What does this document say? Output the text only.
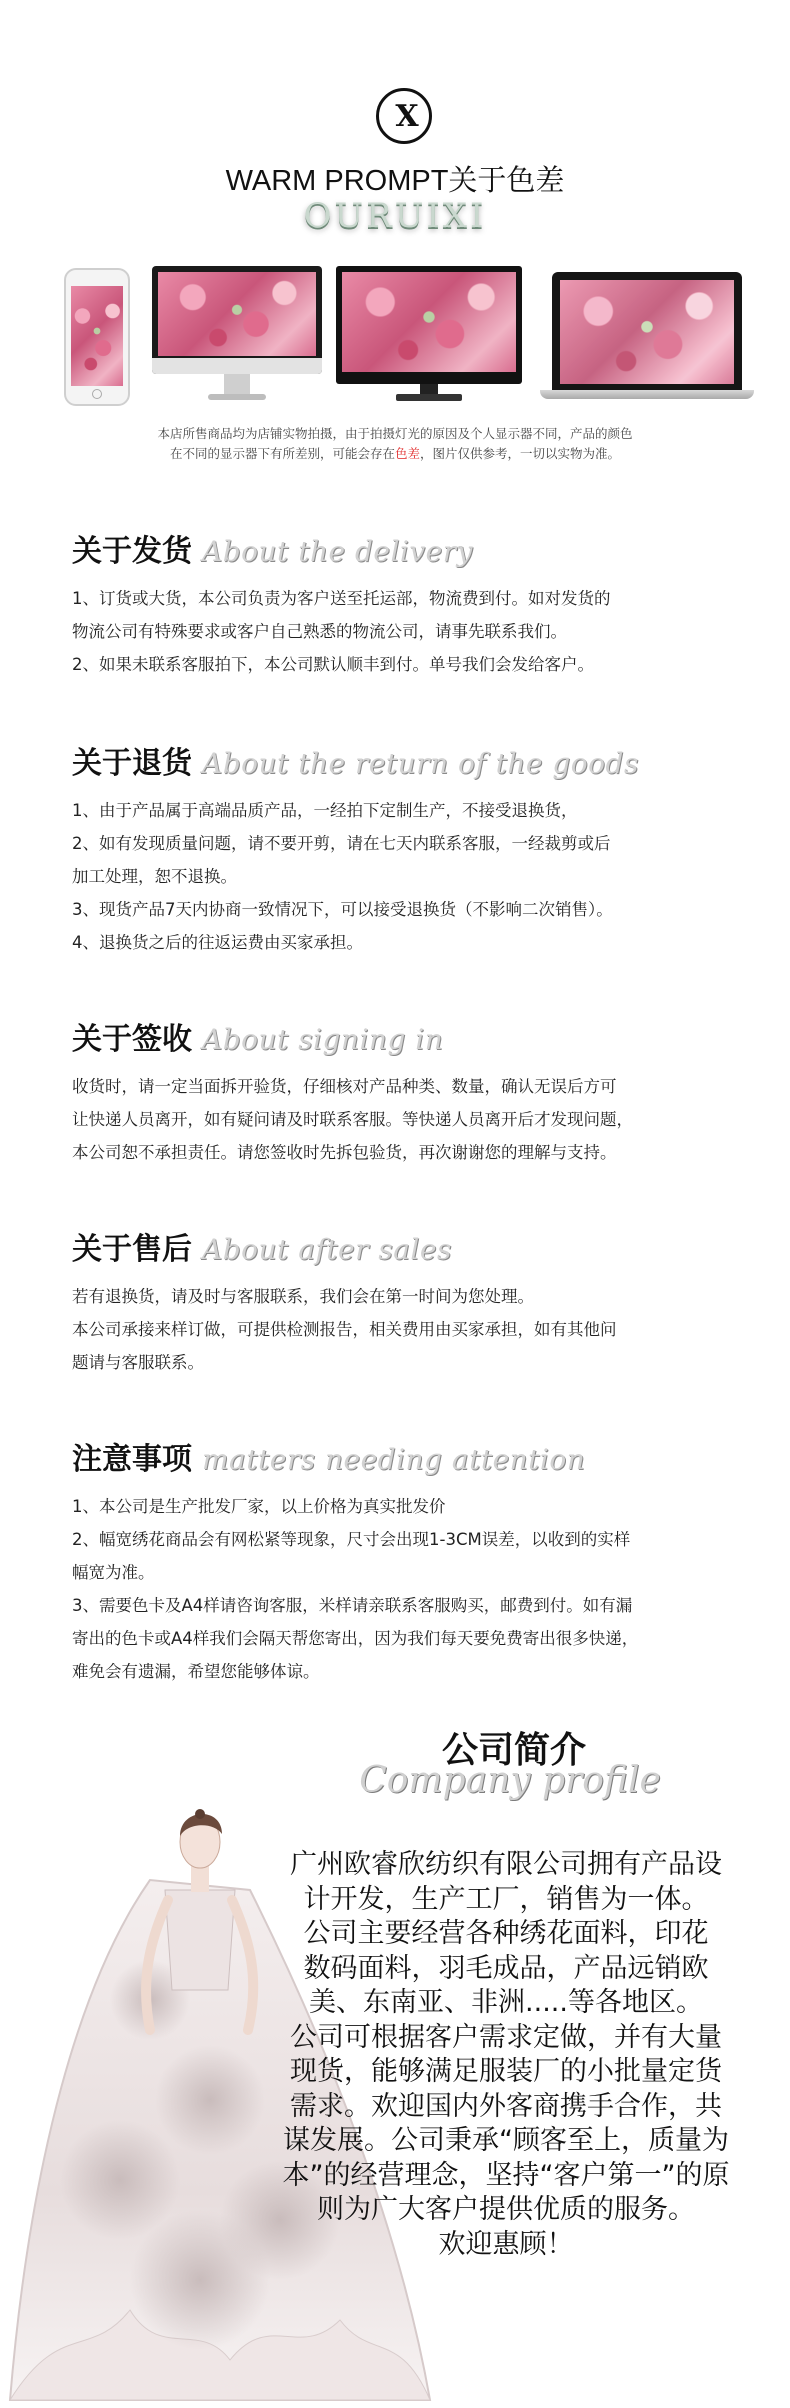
X
WARM PROMPT关于色差
OURUIXI
本店所售商品均为店铺实物拍摄，由于拍摄灯光的原因及个人显示器不同，产品的颜色
在不同的显示器下有所差别，可能会存在色差，图片仅供参考，一切以实物为准。
关于发货 About the delivery

1、订货或大货，本公司负责为客户送至托运部，物流费到付。如对发货的

物流公司有特殊要求或客户自己熟悉的物流公司，请事先联系我们。

2、如果未联系客服拍下，本公司默认顺丰到付。单号我们会发给客户。

关于退货 About the return of the goods

1、由于产品属于高端品质产品，一经拍下定制生产，不接受退换货，

2、如有发现质量问题，请不要开剪，请在七天内联系客服，一经裁剪或后

加工处理，恕不退换。

3、现货产品7天内协商一致情况下，可以接受退换货（不影响二次销售）。

4、退换货之后的往返运费由买家承担。

关于签收 About signing in

收货时，请一定当面拆开验货，仔细核对产品种类、数量，确认无误后方可

让快递人员离开，如有疑问请及时联系客服。等快递人员离开后才发现问题，

本公司恕不承担责任。请您签收时先拆包验货，再次谢谢您的理解与支持。

关于售后 About after sales

若有退换货，请及时与客服联系，我们会在第一时间为您处理。

本公司承接来样订做，可提供检测报告，相关费用由买家承担，如有其他问

题请与客服联系。

注意事项 matters needing attention

1、本公司是生产批发厂家，以上价格为真实批发价

2、幅宽绣花商品会有网松紧等现象，尺寸会出现1-3CM误差，以收到的实样

幅宽为准。

3、需要色卡及A4样请咨询客服，米样请亲联系客服购买，邮费到付。如有漏

寄出的色卡或A4样我们会隔天帮您寄出，因为我们每天要免费寄出很多快递，

难免会有遗漏，希望您能够体谅。

公司简介
Company profile

广州欧睿欣纺织有限公司拥有产品设

计开发，生产工厂，销售为一体。

公司主要经营各种绣花面料，印花

数码面料，羽毛成品，产品远销欧

美、东南亚、非洲.....等各地区。

公司可根据客户需求定做，并有大量

现货，能够满足服装厂的小批量定货

需求。欢迎国内外客商携手合作，共

谋发展。公司秉承“顾客至上，质量为

本”的经营理念，坚持“客户第一”的原

则为广大客户提供优质的服务。

欢迎惠顾！
